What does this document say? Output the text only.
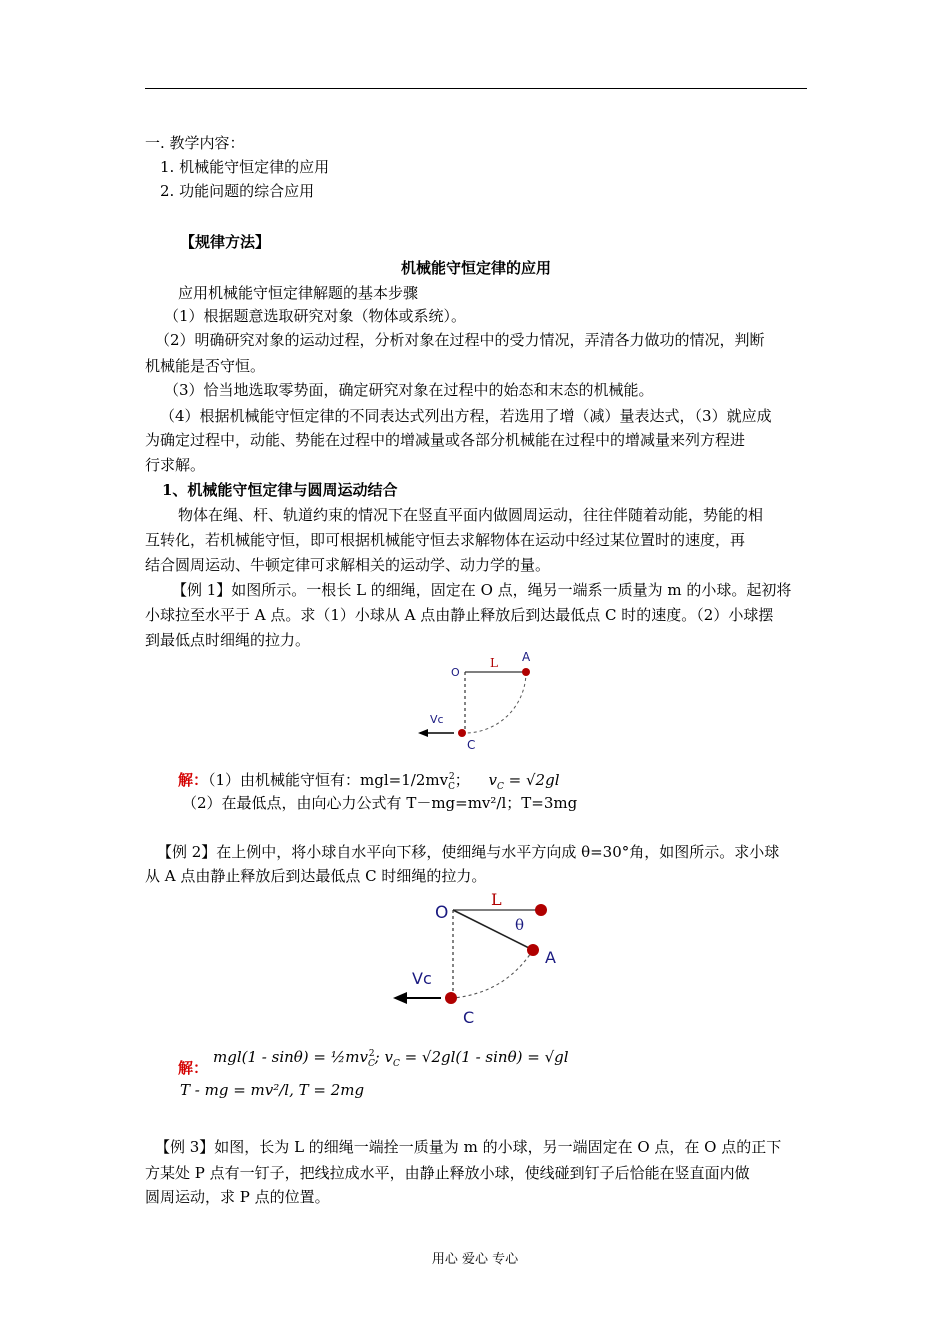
一. 教学内容：
1. 机械能守恒定律的应用
2. 功能问题的综合应用
【规律方法】
机械能守恒定律的应用
应用机械能守恒定律解题的基本步骤
（1）根据题意选取研究对象（物体或系统）。
（2）明确研究对象的运动过程，分析对象在过程中的受力情况，弄清各力做功的情况，判断
机械能是否守恒。
（3）恰当地选取零势面，确定研究对象在过程中的始态和末态的机械能。
（4）根据机械能守恒定律的不同表达式列出方程，若选用了增（减）量表达式，（3）就应成
为确定过程中，动能、势能在过程中的增减量或各部分机械能在过程中的增减量来列方程进
行求解。
1、机械能守恒定律与圆周运动结合
物体在绳、杆、轨道约束的情况下在竖直平面内做圆周运动，往往伴随着动能，势能的相
互转化，若机械能守恒，即可根据机械能守恒去求解物体在运动中经过某位置时的速度，再
结合圆周运动、牛顿定律可求解相关的运动学、动力学的量。
【例 1】如图所示。一根长 L 的细绳，固定在 O 点，绳另一端系一质量为 m 的小球。起初将
小球拉至水平于 A 点。求（1）小球从 A 点由静止释放后到达最低点 C 时的速度。（2）小球摆
到最低点时细绳的拉力。
O
L A
Vc
C
解：（1）由机械能守恒有：$mgl=1/2mv_C^2$； $v_C = √2gl$
（2）在最低点，由向心力公式有 T－mg=mv²/l；T=3mg
【例 2】在上例中，将小球自水平向下移，使细绳与水平方向成 θ=30°角，如图所示。求小球
从 A 点由静止释放后到达最低点 C 时细绳的拉力。
O
L
θ
A
Vc
C
$mgl(1 - \sin\theta) = \frac{1}{2}mv_C^2$; $v_C = √2gl(1 - \sin\theta) = √gl$
解：
T - mg = mv²/l, T = 2mg
【例 3】如图，长为 L 的细绳一端拴一质量为 m 的小球，另一端固定在 O 点，在 O 点的正下
方某处 P 点有一钉子，把线拉成水平，由静止释放小球，使线碰到钉子后恰能在竖直面内做
圆周运动，求 P 点的位置。
用心 爱心 专心
